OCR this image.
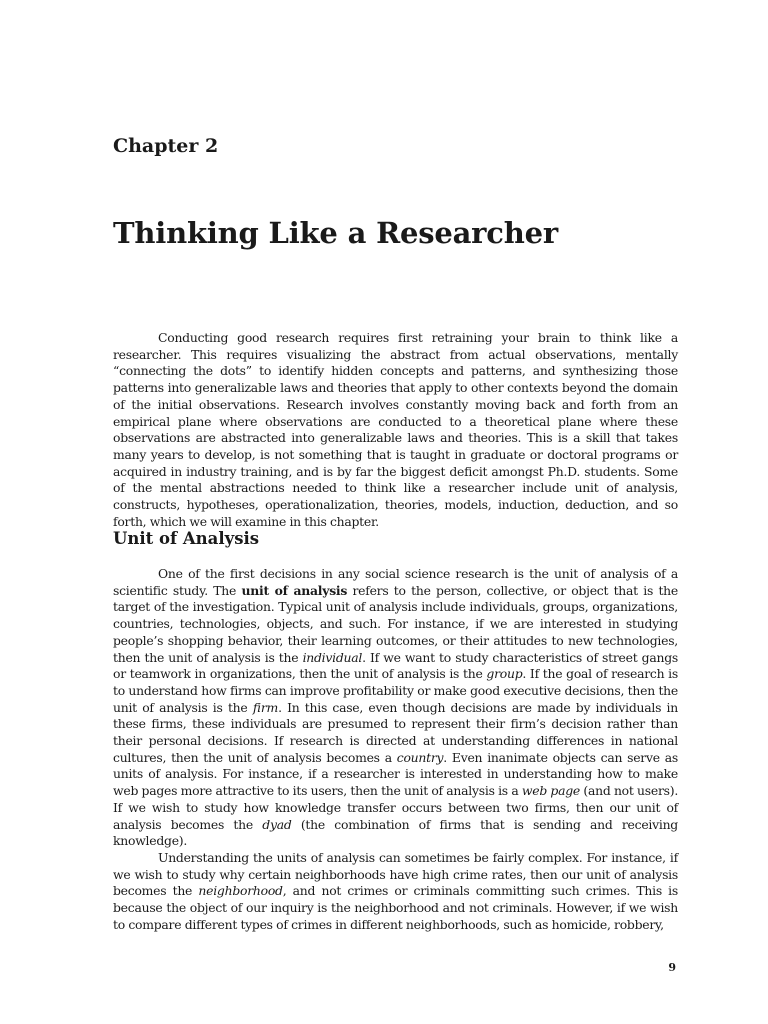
Chapter 2
Thinking Like a Researcher

Conducting good research requires first retraining your brain to think like a researcher. This requires visualizing the abstract from actual observations, mentally “connecting the dots” to identify hidden concepts and patterns, and synthesizing those patterns into generalizable laws and theories that apply to other contexts beyond the domain of the initial observations. Research involves constantly moving back and forth from an empirical plane where observations are conducted to a theoretical plane where these observations are abstracted into generalizable laws and theories. This is a skill that takes many years to develop, is not something that is taught in graduate or doctoral programs or acquired in industry training, and is by far the biggest deficit amongst Ph.D. students. Some of the mental abstractions needed to think like a researcher include unit of analysis, constructs, hypotheses, operationalization, theories, models, induction, deduction, and so forth, which we will examine in this chapter.

Unit of Analysis

One of the first decisions in any social science research is the unit of analysis of a scientific study. The unit of analysis refers to the person, collective, or object that is the target of the investigation. Typical unit of analysis include individuals, groups, organizations, countries, technologies, objects, and such. For instance, if we are interested in studying people’s shopping behavior, their learning outcomes, or their attitudes to new technologies, then the unit of analysis is the individual. If we want to study characteristics of street gangs or teamwork in organizations, then the unit of analysis is the group. If the goal of research is to understand how firms can improve profitability or make good executive decisions, then the unit of analysis is the firm. In this case, even though decisions are made by individuals in these firms, these individuals are presumed to represent their firm’s decision rather than their personal decisions. If research is directed at understanding differences in national cultures, then the unit of analysis becomes a country. Even inanimate objects can serve as units of analysis. For instance, if a researcher is interested in understanding how to make web pages more attractive to its users, then the unit of analysis is a web page (and not users). If we wish to study how knowledge transfer occurs between two firms, then our unit of analysis becomes the dyad (the combination of firms that is sending and receiving knowledge).

Understanding the units of analysis can sometimes be fairly complex. For instance, if we wish to study why certain neighborhoods have high crime rates, then our unit of analysis becomes the neighborhood, and not crimes or criminals committing such crimes. This is because the object of our inquiry is the neighborhood and not criminals. However, if we wish to compare different types of crimes in different neighborhoods, such as homicide, robbery,

9
